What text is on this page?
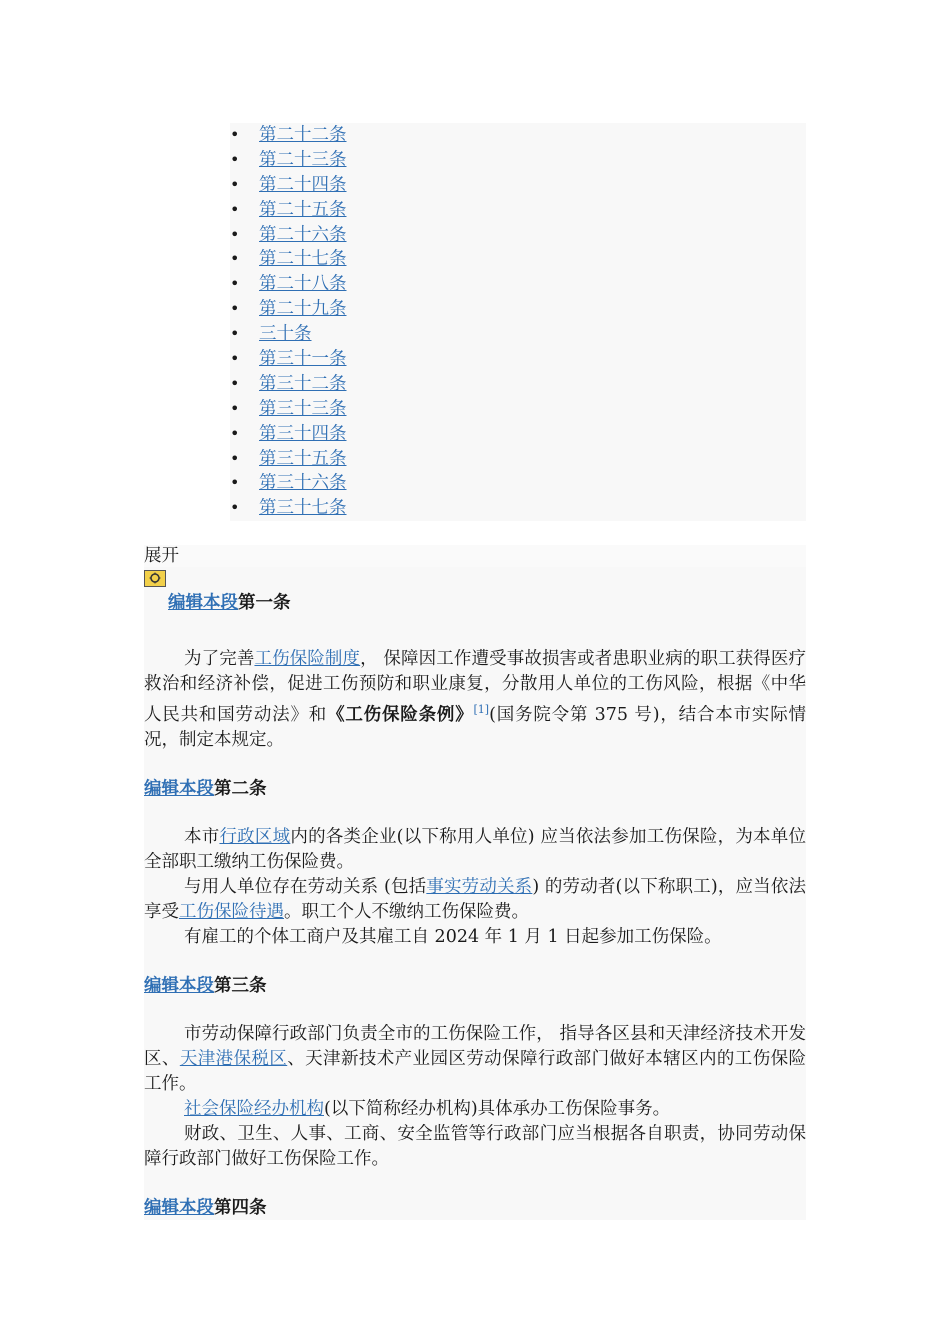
• 第二十二条
• 第二十三条
• 第二十四条
• 第二十五条
• 第二十六条
• 第二十七条
• 第二十八条
• 第二十九条
• 三十条
• 第三十一条
• 第三十二条
• 第三十三条
• 第三十四条
• 第三十五条
• 第三十六条
• 第三十七条
展开
编辑本段第一条

为了完善工伤保险制度， 保障因工作遭受事故损害或者患职业病的职工获得医疗救治和经济补偿，促进工伤预防和职业康复，分散用人单位的工伤风险，根据《中华人民共和国劳动法》和《工伤保险条例》[1](国务院令第 375 号)，结合本市实际情况，制定本规定。

编辑本段第二条

本市行政区域内的各类企业(以下称用人单位) 应当依法参加工伤保险，为本单位全部职工缴纳工伤保险费。

与用人单位存在劳动关系 (包括事实劳动关系) 的劳动者(以下称职工)，应当依法享受工伤保险待遇。职工个人不缴纳工伤保险费。

有雇工的个体工商户及其雇工自 2024 年 1 月 1 日起参加工伤保险。

编辑本段第三条

市劳动保障行政部门负责全市的工伤保险工作， 指导各区县和天津经济技术开发区、天津港保税区、天津新技术产业园区劳动保障行政部门做好本辖区内的工伤保险工作。

社会保险经办机构(以下简称经办机构)具体承办工伤保险事务。

财政、卫生、人事、工商、安全监管等行政部门应当根据各自职责，协同劳动保障行政部门做好工伤保险工作。

编辑本段第四条
